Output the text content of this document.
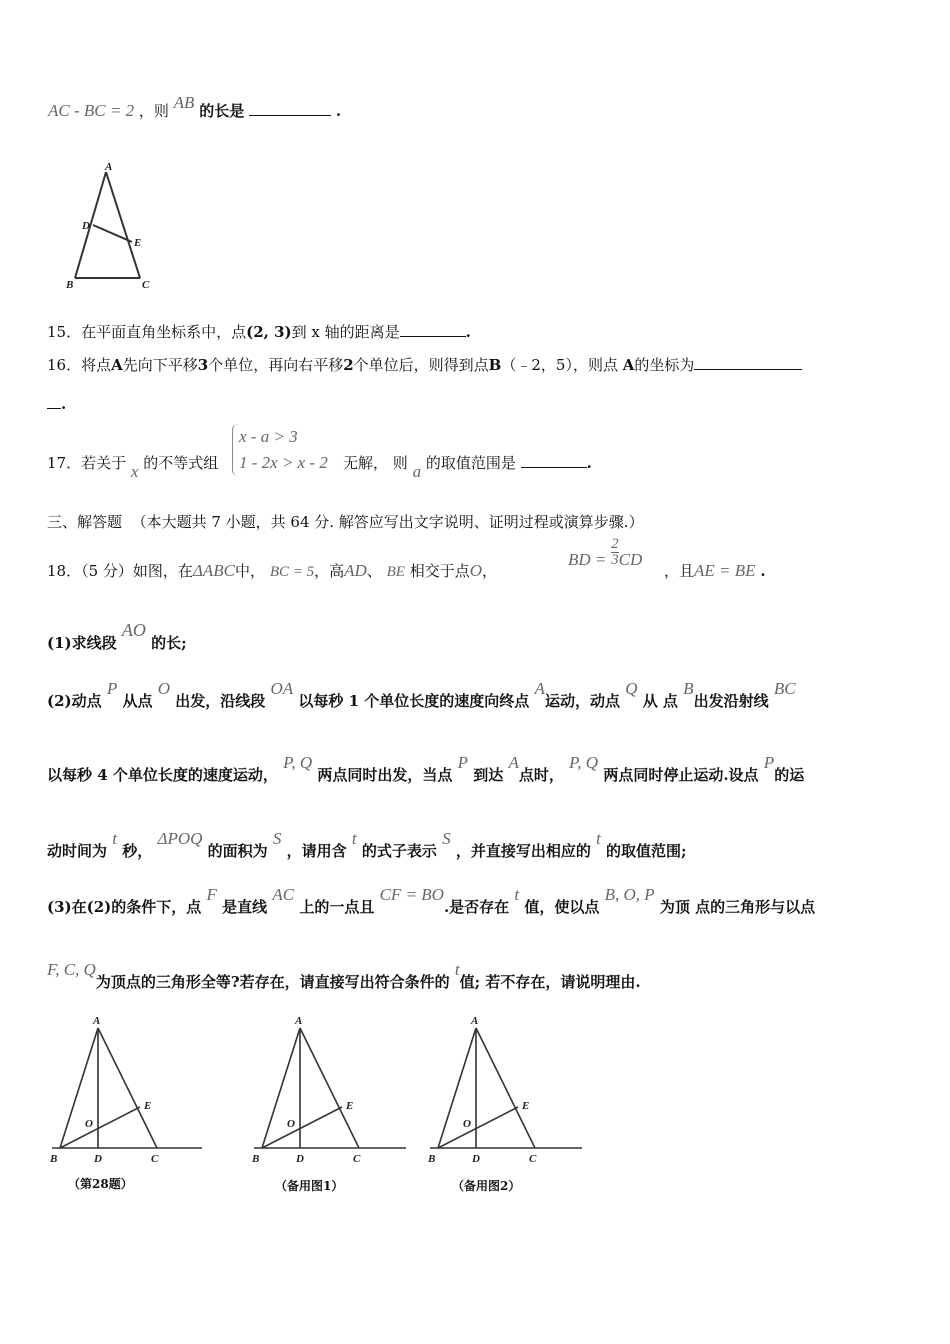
AC - BC = 2 ，则 AB 的长是	.
A
D
E
B	C
15．在平面直角坐标系中，点(2, 3)到 x 轴的距离是	.
16．将点A先向下平移3个单位，再向右平移2个单位后，则得到点B（﹣2，5），则点 A的坐标为
.
17．若关于 x 的不等式组
x - a > 3
1 - 2x > x - 2 无解， 则 a 的取值范围是	.
三、解答题 （本大题共 7 小题，共 64 分. 解答应写出文字说明、证明过程或演算步骤.）
18．（5 分）如图，在ΔABC中， BC = 5，高AD、 BE 相交于点O，
BD = $\frac{2}{3}$ CD
，且AE = BE .
(1)求线段 AO 的长;
(2)动点 P 从点 O 出发，沿线段 OA 以每秒 1 个单位长度的速度向终点 A运动，动点 Q 从 点 B出发沿射线 BC
以每秒 4 个单位长度的速度运动， P, Q 两点同时出发，当点 P 到达 A点时， P, Q 两点同时停止运动.设点 P的运
动时间为 t 秒， ΔPOQ 的面积为 S ，请用含 t 的式子表示 S ，并直接写出相应的 t 的取值范围;
(3)在(2)的条件下，点 F 是直线 AC 上的一点且 CF = BO.是否存在 t 值，使以点 B, O, P 为顶 点的三角形与以点
F, C, Q为顶点的三角形全等?若存在，请直接写出符合条件的 t值; 若不存在，请说明理由.
A
O
E
B	D	C
A
O
E
B	D	C
A
O
E
B	D	C
（第28题）	（备用图1）	（备用图2）
